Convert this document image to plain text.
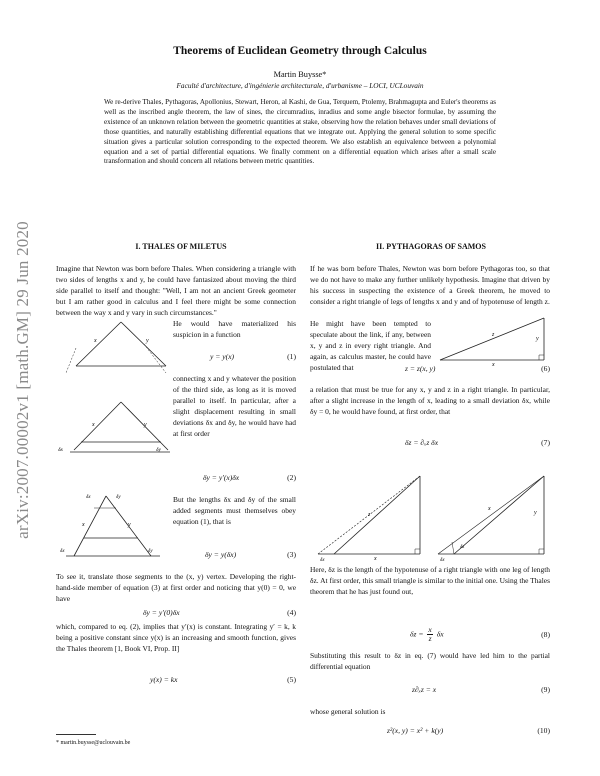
arXiv:2007.00002v1 [math.GM] 29 Jun 2020
Theorems of Euclidean Geometry through Calculus
Martin Buysse*
Faculté d'architecture, d'ingénierie architecturale, d'urbanisme – LOCI, UCLouvain
We re-derive Thales, Pythagoras, Apollonius, Stewart, Heron, al Kashi, de Gua, Terquem, Ptolemy, Brahmagupta and Euler's theorems as well as the inscribed angle theorem, the law of sines, the circumradius, inradius and some angle bisector formulae, by assuming the existence of an unknown relation between the geometric quantities at stake, observing how the relation behaves under small deviations of those quantities, and naturally establishing differential equations that we integrate out. Applying the general solution to some specific situation gives a particular solution corresponding to the expected theorem. We also establish an equivalence between a polynomial equation and a set of partial differential equations. We finally comment on a differential equation which arises after a small scale transformation and should concern all relations between metric quantities.
I. THALES OF MILETUS
Imagine that Newton was born before Thales. When considering a triangle with two sides of lengths x and y, he could have fantasized about moving the third side parallel to itself and thought: "Well, I am not an ancient Greek geometer but I am rather good in calculus and I feel there might be some connection between the way x and y vary in such circumstances."
He would have materialized his suspicion in a function
y = y(x)	(1)
connecting x and y whatever the position of the third side, as long as it is moved parallel to itself. In particular, after a slight displacement resulting in small deviations δx and δy, he would have had at first order
δy = y′(x)δx	(2)
But the lengths δx and δy of the small added segments must themselves obey equation (1), that is
δy = y(δx)	(3)
To see it, translate those segments to the (x, y) vertex. Developing the right-hand-side member of equation (3) at first order and noticing that y(0) = 0, we have
δy = y′(0)δx	(4)
which, compared to eq. (2), implies that y′(x) is constant. Integrating y′ = k, k being a positive constant since y(x) is an increasing and smooth function, gives the Thales theorem [1, Book VI, Prop. II]
y(x) = kx	(5)
* martin.buysse@uclouvain.be
x	y
x	y
δx	δy
δx	δy
x	y
δx	δy
II. PYTHAGORAS OF SAMOS
If he was born before Thales, Newton was born before Pythagoras too, so that we do not have to make any further unlikely hypothesis. Imagine that driven by his success in suspecting the existence of a Greek theorem, he moved to consider a right triangle of legs of lengths x and y and of hypotenuse of length z.
He might have been tempted to speculate about the link, if any, between x, y and z in every right triangle. And again, as calculus master, he could have postulated that	z = z(x, y)	(6)
a relation that must be true for any x, y and z in a right triangle. In particular, after a slight increase in the length of x, leading to a small deviation δx, while δy = 0, he would have found, at first order, that
δz = ∂ₓz δx	(7)
Here, δz is the length of the hypotenuse of a right triangle with one leg of length δz. At first order, this small triangle is similar to the initial one. Using the Thales theorem that he has just found out,
$\delta z = \frac{x}{z}$ δx	(8)
Substituting this result to δz in eq. (7) would have led him to the partial differential equation
z∂ₓz = x	(9)
whose general solution is
z²(x, y) = x² + k(y)	(10)
z
y
x
z
x
δx
x
y
δz
δx
